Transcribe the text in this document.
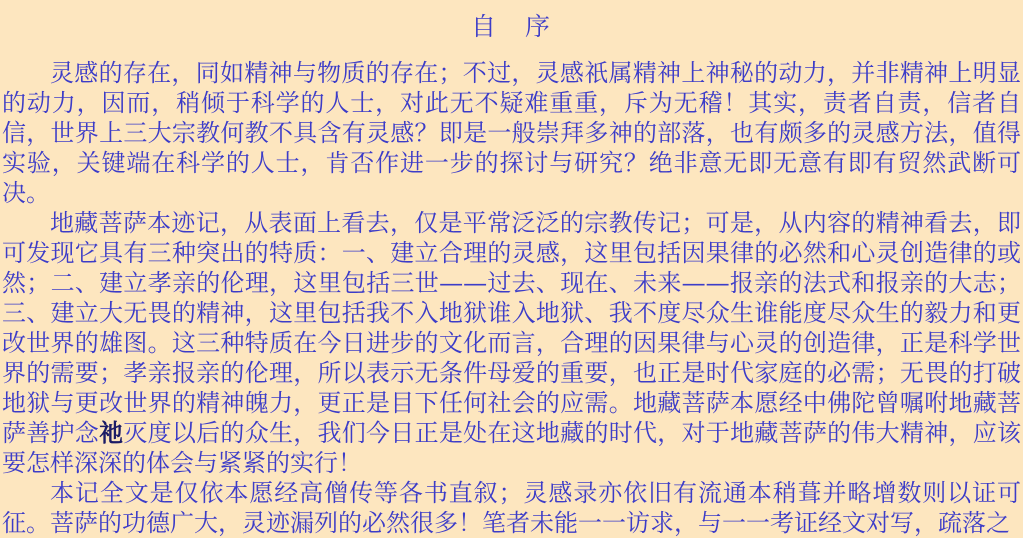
自　序

灵感的存在，同如精神与物质的存在；不过，灵感祇属精神上神秘的动力，并非精神上明显的动力，因而，稍倾于科学的人士，对此无不疑难重重，斥为无稽！其实，责者自责，信者自信，世界上三大宗教何教不具含有灵感？即是一般崇拜多神的部落，也有颇多的灵感方法，值得实验，关键端在科学的人士，肯否作进一步的探讨与研究？绝非意无即无意有即有贸然武断可决。

地藏菩萨本迹记，从表面上看去，仅是平常泛泛的宗教传记；可是，从内容的精神看去，即可发现它具有三种突出的特质：一、建立合理的灵感，这里包括因果律的必然和心灵创造律的或然；二、建立孝亲的伦理，这里包括三世——过去、现在、未来——报亲的法式和报亲的大志；三、建立大无畏的精神，这里包括我不入地狱谁入地狱、我不度尽众生谁能度尽众生的毅力和更改世界的雄图。这三种特质在今日进步的文化而言，合理的因果律与心灵的创造律，正是科学世界的需要；孝亲报亲的伦理，所以表示无条件母爱的重要，也正是时代家庭的必需；无畏的打破地狱与更改世界的精神魄力，更正是目下任何社会的应需。地藏菩萨本愿经中佛陀曾嘱咐地藏菩萨善护念祂灭度以后的众生，我们今日正是处在这地藏的时代，对于地藏菩萨的伟大精神，应该要怎样深深的体会与紧紧的实行！

本记全文是仅依本愿经高僧传等各书直叙；灵感录亦依旧有流通本稍葺并略增数则以证可征。菩萨的功德广大，灵迹漏列的必然很多！笔者未能一一访求，与一一考证经文对写，疏落之
